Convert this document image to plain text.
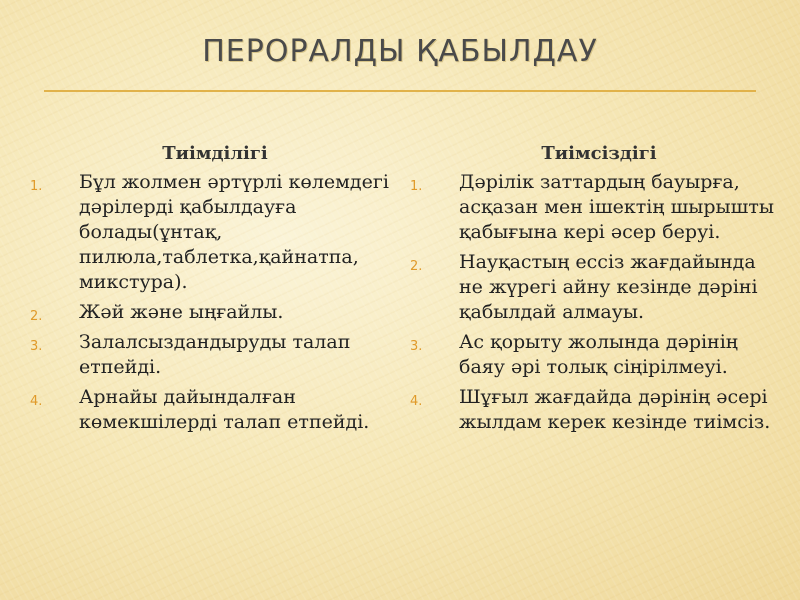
ПЕРОРАЛДЫ ҚАБЫЛДАУ
Тиімділігі
1. Бұл жолмен әртүрлі көлемдегі дәрілерді қабылдауға болады(ұнтақ, пилюла,таблетка,қайнатпа, микстура).
2. Жәй және ыңғайлы.
3. Залалсыздандыруды талап етпейді.
4. Арнайы дайындалған көмекшілерді талап етпейді.
Тиімсіздігі
1. Дәрілік заттардың бауырға, асқазан мен ішектің шырышты қабығына кері әсер беруі.
2. Науқастың ессіз жағдайында не жүрегі айну кезінде дәріні қабылдай алмауы.
3. Ас қорыту жолында дәрінің баяу әрі толық сіңірілмеуі.
4. Шұғыл жағдайда дәрінің әсері жылдам керек кезінде тиімсіз.
